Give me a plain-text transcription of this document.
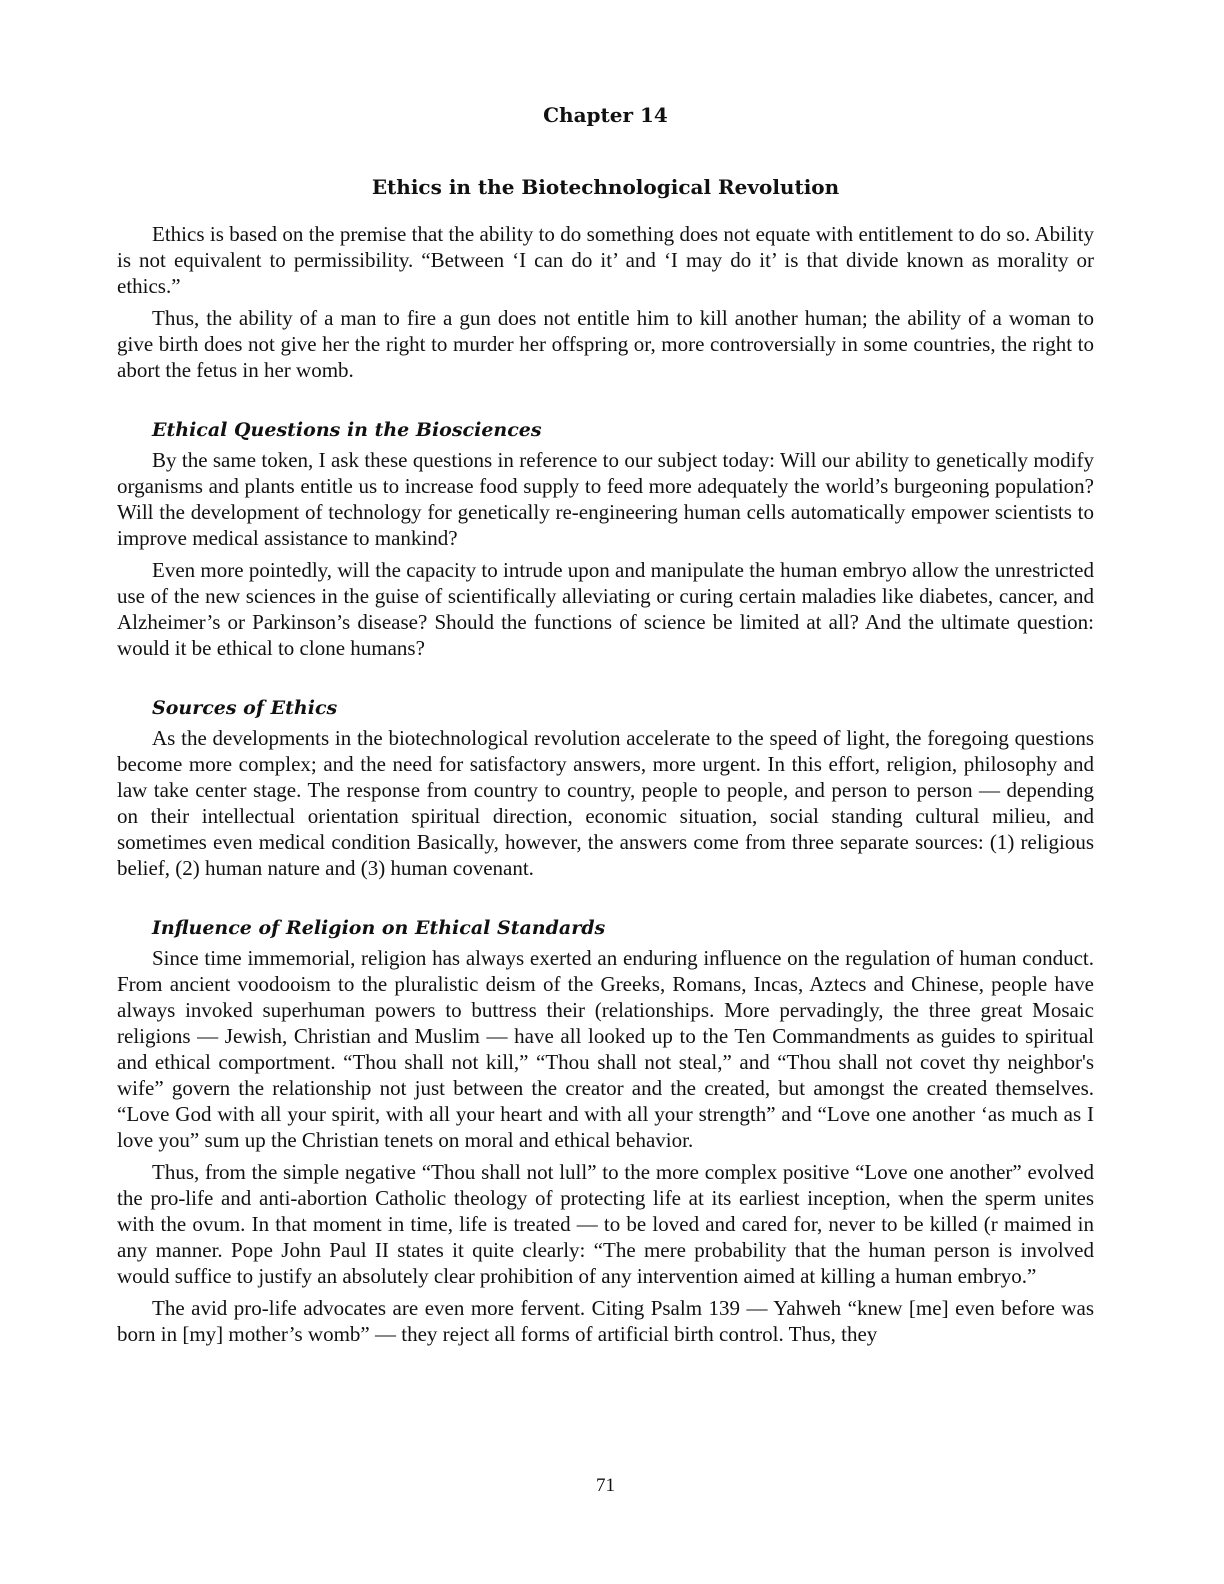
Chapter 14
Ethics in the Biotechnological Revolution

Ethics is based on the premise that the ability to do something does not equate with entitlement to do so. Ability is not equivalent to permissibility. “Between ‘I can do it’ and ‘I may do it’ is that divide known as morality or ethics.”

Thus, the ability of a man to fire a gun does not entitle him to kill another human; the ability of a woman to give birth does not give her the right to murder her offspring or, more controversially in some countries, the right to abort the fetus in her womb.

Ethical Questions in the Biosciences

By the same token, I ask these questions in reference to our subject today: Will our ability to genetically modify organisms and plants entitle us to increase food supply to feed more adequately the world’s burgeoning population? Will the development of technology for genetically re-engineering human cells automatically empower scientists to improve medical assistance to mankind?

Even more pointedly, will the capacity to intrude upon and manipulate the human embryo allow the unrestricted use of the new sciences in the guise of scientifically alleviating or curing certain maladies like diabetes, cancer, and Alzheimer’s or Parkinson’s disease? Should the functions of science be limited at all? And the ultimate question: would it be ethical to clone humans?

Sources of Ethics

As the developments in the biotechnological revolution accelerate to the speed of light, the foregoing questions become more complex; and the need for satisfactory answers, more urgent. In this effort, religion, philosophy and law take center stage. The response from country to country, people to people, and person to person — depending on their intellectual orientation spiritual direction, economic situation, social standing cultural milieu, and sometimes even medical condition Basically, however, the answers come from three separate sources: (1) religious belief, (2) human nature and (3) human covenant.

Influence of Religion on Ethical Standards

Since time immemorial, religion has always exerted an enduring influence on the regulation of human conduct. From ancient voodooism to the pluralistic deism of the Greeks, Romans, Incas, Aztecs and Chinese, people have always invoked superhuman powers to buttress their (relationships. More pervadingly, the three great Mosaic religions — Jewish, Christian and Muslim — have all looked up to the Ten Commandments as guides to spiritual and ethical comportment. “Thou shall not kill,” “Thou shall not steal,” and “Thou shall not covet thy neighbor's wife” govern the relationship not just between the creator and the created, but amongst the created themselves. “Love God with all your spirit, with all your heart and with all your strength” and “Love one another ‘as much as I love you” sum up the Christian tenets on moral and ethical behavior.

Thus, from the simple negative “Thou shall not lull” to the more complex positive “Love one another” evolved the pro-life and anti-abortion Catholic theology of protecting life at its earliest inception, when the sperm unites with the ovum. In that moment in time, life is treated — to be loved and cared for, never to be killed (r maimed in any manner. Pope John Paul II states it quite clearly: “The mere probability that the human person is involved would suffice to justify an absolutely clear prohibition of any intervention aimed at killing a human embryo.”

The avid pro-life advocates are even more fervent. Citing Psalm 139 — Yahweh “knew [me] even before was born in [my] mother’s womb” — they reject all forms of artificial birth control. Thus, they

71
